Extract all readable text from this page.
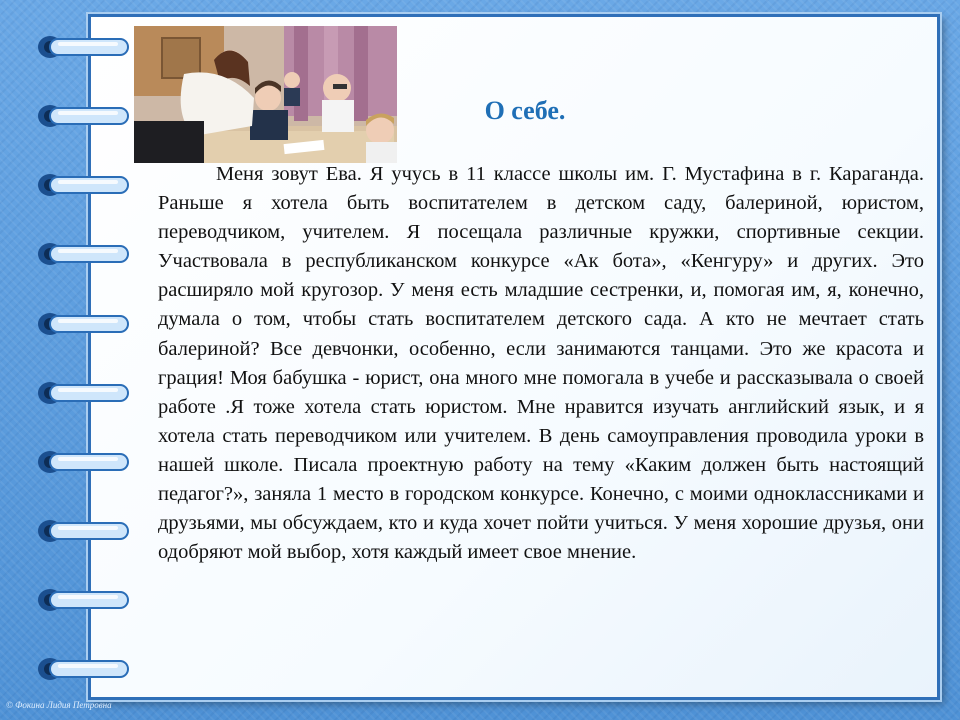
О себе.

Меня зовут Ева. Я учусь в 11 классе школы им. Г. Мустафина в г. Караганда. Раньше я хотела быть воспитателем в детском саду, балериной, юристом, переводчиком, учителем. Я посещала различные кружки, спортивные секции. Участвовала в республиканском конкурсе «Ак бота», «Кенгуру» и других. Это расширяло мой кругозор. У меня есть младшие сестренки, и, помогая им, я, конечно, думала о том, чтобы стать воспитателем детского сада. А кто не мечтает стать балериной? Все девчонки, особенно, если занимаются танцами. Это же красота и грация! Моя бабушка - юрист, она много мне помогала в учебе и рассказывала о своей работе .Я тоже хотела стать юристом. Мне нравится изучать английский язык, и я хотела стать переводчиком или учителем. В день самоуправления проводила уроки в нашей школе. Писала проектную работу на тему «Каким должен быть настоящий педагог?», заняла 1 место в городском конкурсе. Конечно, с моими одноклассниками и друзьями, мы обсуждаем, кто и куда хочет пойти учиться. У меня хорошие друзья, они одобряют мой выбор, хотя каждый имеет свое мнение.

© Фокина Лидия Петровна
